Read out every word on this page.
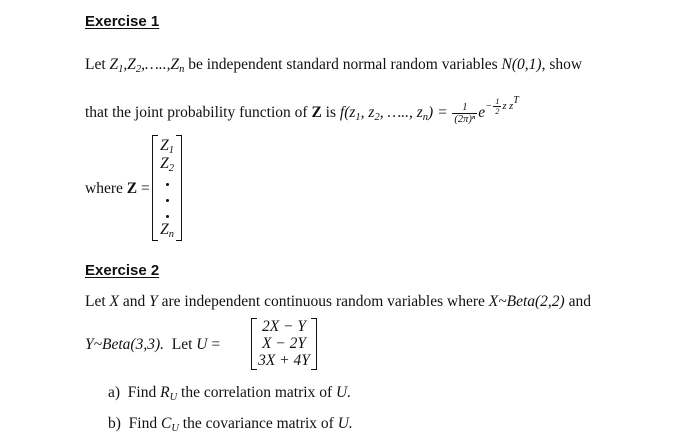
Exercise 1
Let $Z_1,Z_2,\dots..,Z_n$ be independent standard normal random variables N(0,1), show
that the joint probability function of Z is $f(z_1$, $z_2$, ….., $z_n) = \frac{1}{\text{(2π)ⁿ}} e- \frac{1}{2}$ z zT
where Z =
$Z_1$
$Z_2$
$Z_n$
Exercise 2
Let X and Y are independent continuous random variables where X~Beta(2,2) and
Y~Beta(3,3). Let U =
2X − Y
X − 2Y
3X + 4Y
a) Find $R_U$ the correlation matrix of U.
b) Find $C_U$ the covariance matrix of U.
